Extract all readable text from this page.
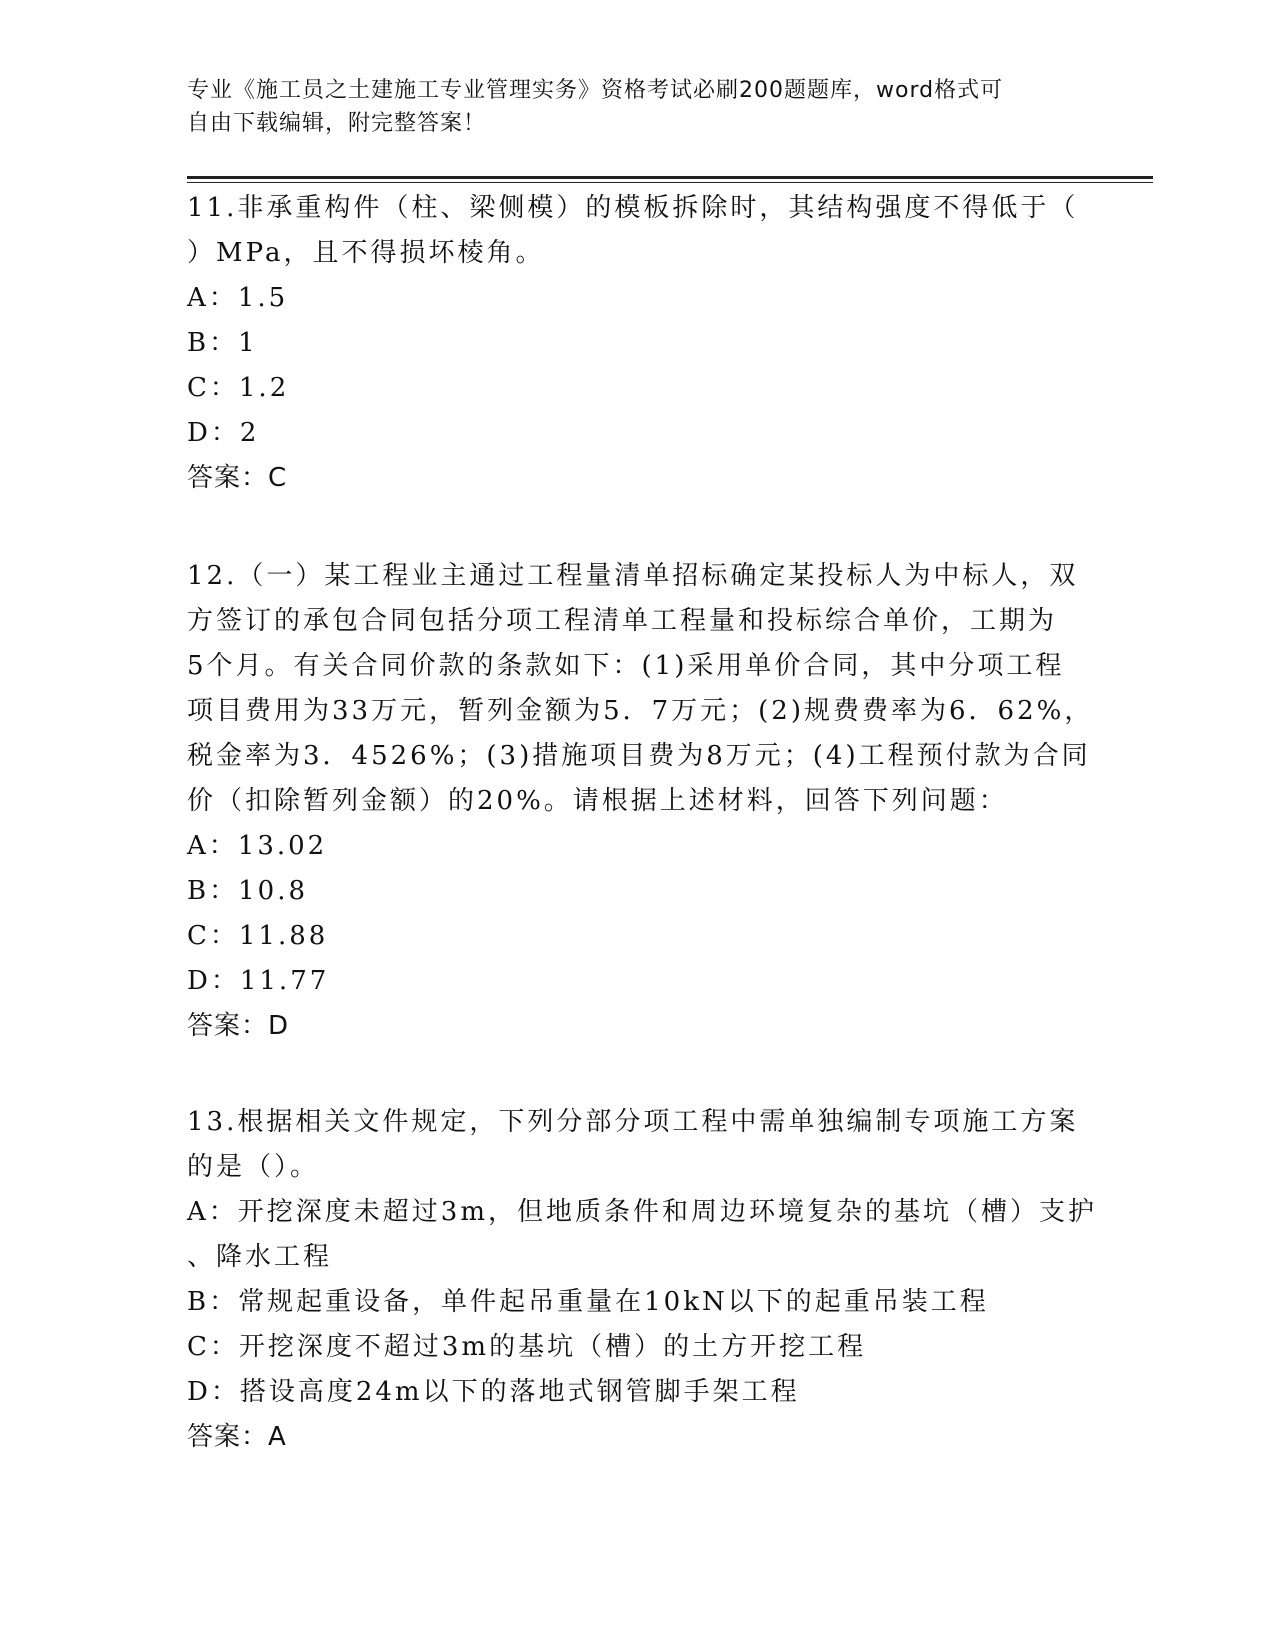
专业《施工员之土建施工专业管理实务》资格考试必刷200题题库，word格式可
自由下载编辑，附完整答案！
11.非承重构件（柱、梁侧模）的模板拆除时，其结构强度不得低于（
）MPa，且不得损坏棱角。
A：1.5
B：1
C：1.2
D：2
答案：C
12.（一）某工程业主通过工程量清单招标确定某投标人为中标人，双
方签订的承包合同包括分项工程清单工程量和投标综合单价，工期为
5个月。有关合同价款的条款如下：(1)采用单价合同，其中分项工程
项目费用为33万元，暂列金额为5．7万元；(2)规费费率为6．62%，
税金率为3．4526%；(3)措施项目费为8万元；(4)工程预付款为合同
价（扣除暂列金额）的20%。请根据上述材料，回答下列问题：
A：13.02
B：10.8
C：11.88
D：11.77
答案：D
13.根据相关文件规定，下列分部分项工程中需单独编制专项施工方案
的是（）。
A：开挖深度未超过3m，但地质条件和周边环境复杂的基坑（槽）支护
、降水工程
B：常规起重设备，单件起吊重量在10kN以下的起重吊装工程
C：开挖深度不超过3m的基坑（槽）的土方开挖工程
D：搭设高度24m以下的落地式钢管脚手架工程
答案：A
